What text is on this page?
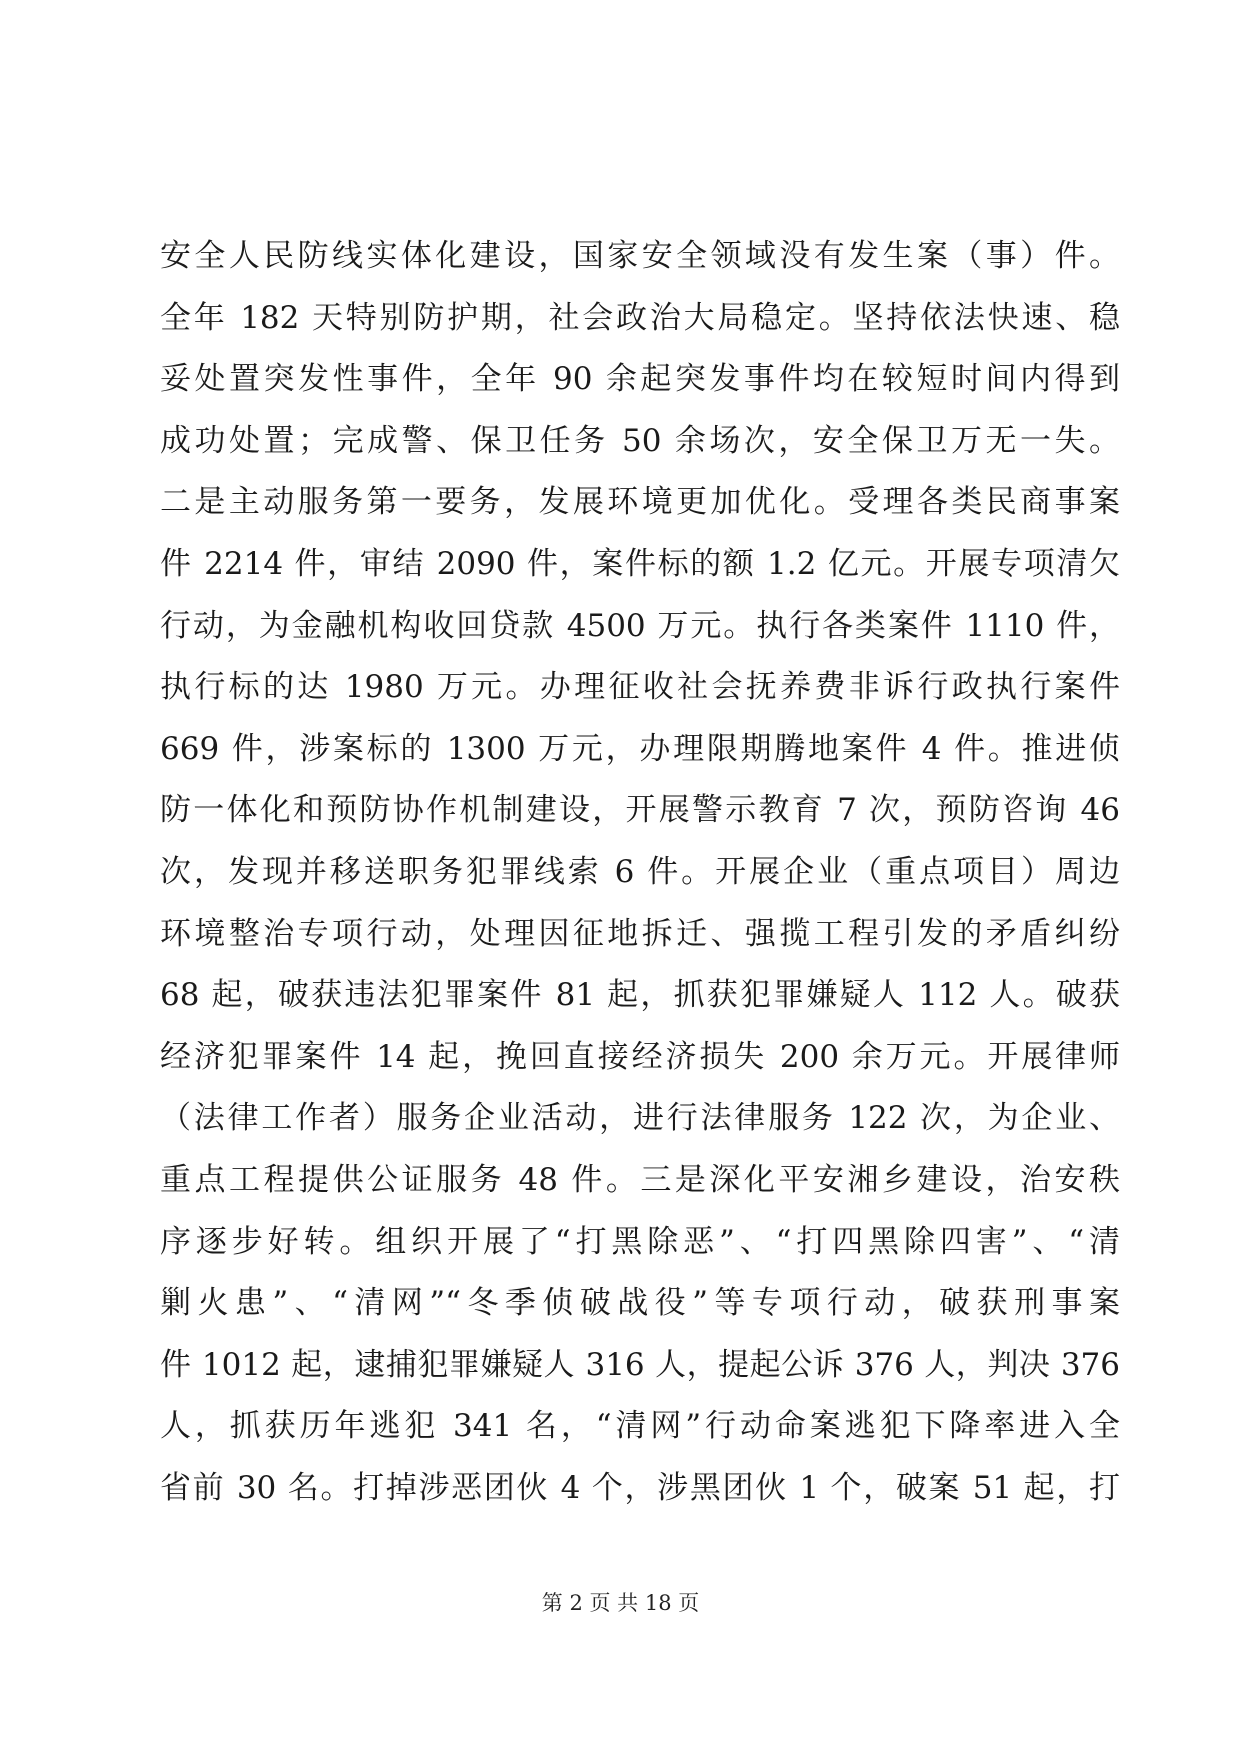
安全人民防线实体化建设，国家安全领域没有发生案（事）件。
全年 182 天特别防护期，社会政治大局稳定。坚持依法快速、稳
妥处置突发性事件，全年 90 余起突发事件均在较短时间内得到
成功处置；完成警、保卫任务 50 余场次，安全保卫万无一失。
二是主动服务第一要务，发展环境更加优化。受理各类民商事案
件 2214 件，审结 2090 件，案件标的额 1.2 亿元。开展专项清欠
行动，为金融机构收回贷款 4500 万元。执行各类案件 1110 件，
执行标的达 1980 万元。办理征收社会抚养费非诉行政执行案件
669 件，涉案标的 1300 万元，办理限期腾地案件 4 件。推进侦
防一体化和预防协作机制建设，开展警示教育 7 次，预防咨询 46
次，发现并移送职务犯罪线索 6 件。开展企业（重点项目）周边
环境整治专项行动，处理因征地拆迁、强揽工程引发的矛盾纠纷
68 起，破获违法犯罪案件 81 起，抓获犯罪嫌疑人 112 人。破获
经济犯罪案件 14 起，挽回直接经济损失 200 余万元。开展律师
（法律工作者）服务企业活动，进行法律服务 122 次，为企业、
重点工程提供公证服务 48 件。三是深化平安湘乡建设，治安秩
序逐步好转。组织开展了“打黑除恶”、“打四黑除四害”、“清
剿火患”、“清网”“冬季侦破战役”等专项行动，破获刑事案
件 1012 起，逮捕犯罪嫌疑人 316 人，提起公诉 376 人，判决 376
人，抓获历年逃犯 341 名，“清网”行动命案逃犯下降率进入全
省前 30 名。打掉涉恶团伙 4 个，涉黑团伙 1 个，破案 51 起，打
第 2 页 共 18 页
